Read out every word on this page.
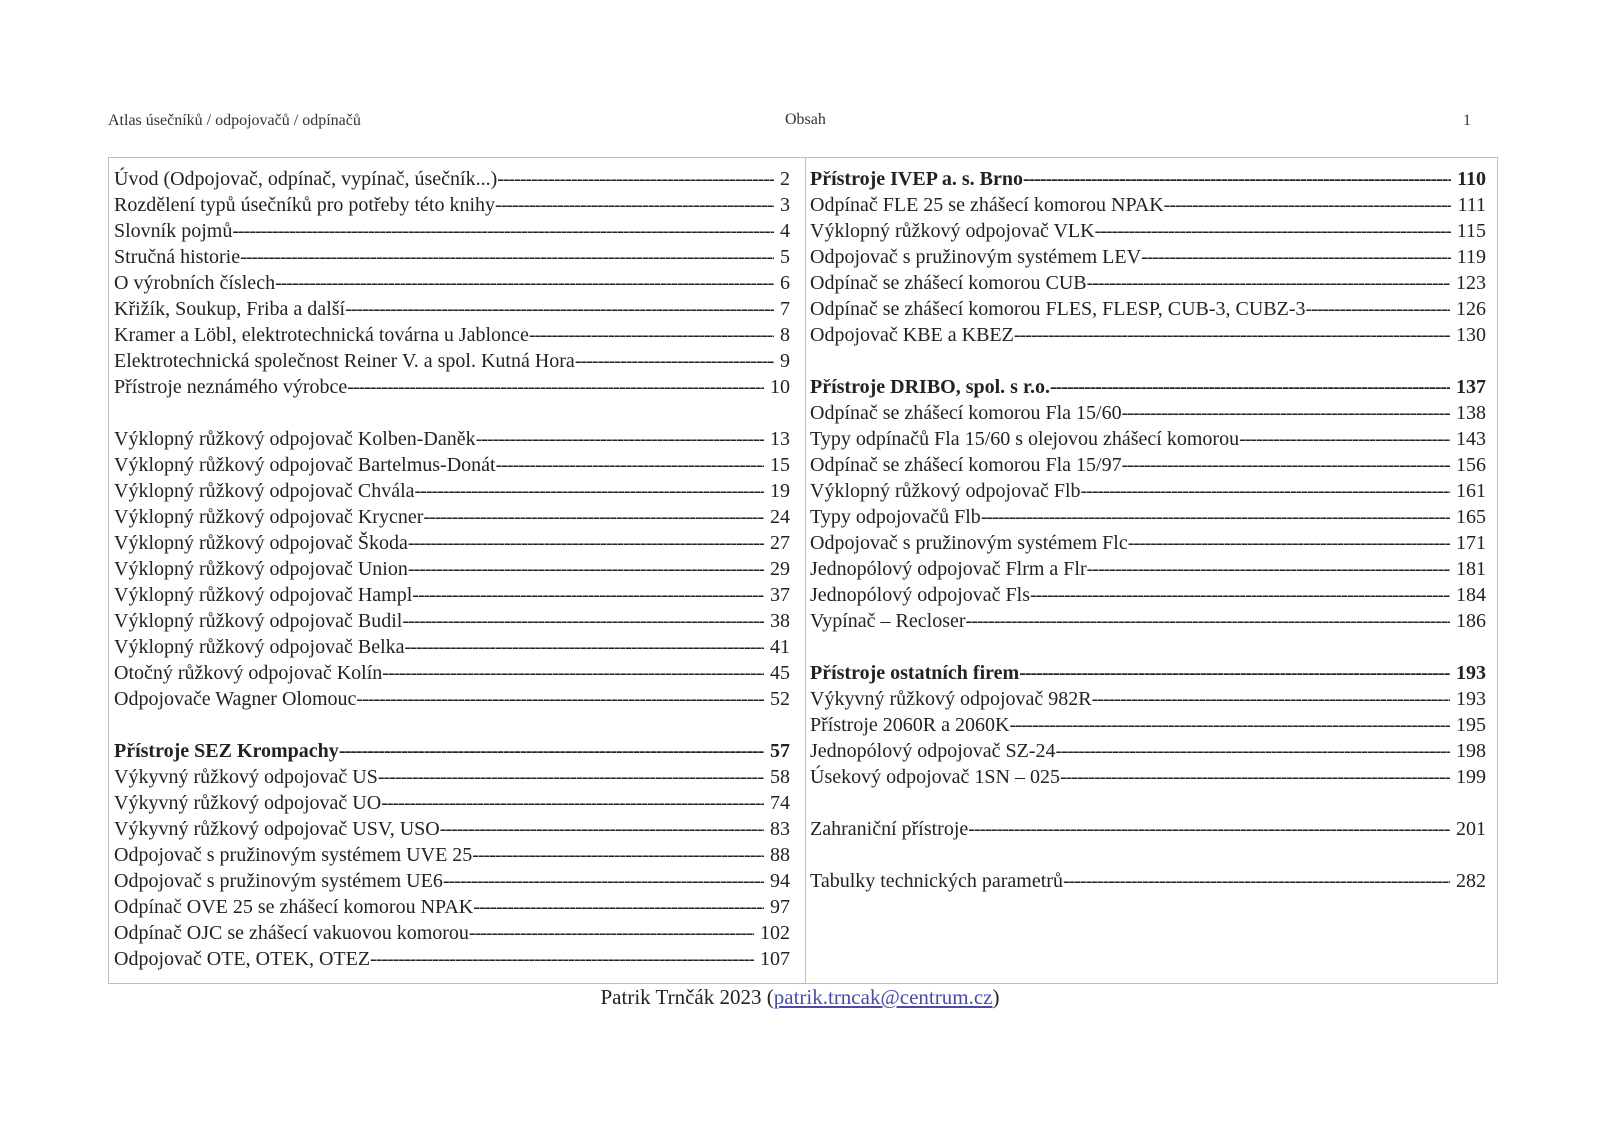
Atlas úsečníků / odpojovačů / odpínačů	Obsah	1
Úvod (Odpojovač, odpínač, vypínač, úsečník...) -----	2
Rozdělení typů úsečníků pro potřeby této knihy -----	3
Slovník pojmů -----	4
Stručná historie -----	5
O výrobních číslech -----	6
Křižík, Soukup, Friba a další -----	7
Kramer a Löbl, elektrotechnická továrna u Jablonce -----	8
Elektrotechnická společnost Reiner V. a spol. Kutná Hora -----	9
Přístroje neznámého výrobce -----	10
Výklopný růžkový odpojovač Kolben-Daněk -----	13
Výklopný růžkový odpojovač Bartelmus-Donát -----	15
Výklopný růžkový odpojovač Chvála -----	19
Výklopný růžkový odpojovač Krycner -----	24
Výklopný růžkový odpojovač Škoda -----	27
Výklopný růžkový odpojovač Union -----	29
Výklopný růžkový odpojovač Hampl -----	37
Výklopný růžkový odpojovač Budil -----	38
Výklopný růžkový odpojovač Belka -----	41
Otočný růžkový odpojovač Kolín -----	45
Odpojovače Wagner Olomouc -----	52
Přístroje SEZ Krompachy -----	57
Výkyvný růžkový odpojovač US -----	58
Výkyvný růžkový odpojovač UO -----	74
Výkyvný růžkový odpojovač USV, USO -----	83
Odpojovač s pružinovým systémem UVE 25 -----	88
Odpojovač s pružinovým systémem UE6 -----	94
Odpínač OVE 25 se zhášecí komorou NPAK -----	97
Odpínač OJC se zhášecí vakuovou komorou -----	102
Odpojovač OTE, OTEK, OTEZ -----	107
Přístroje IVEP a. s. Brno -----	110
Odpínač FLE 25 se zhášecí komorou NPAK -----	111
Výklopný růžkový odpojovač VLK -----	115
Odpojovač s pružinovým systémem LEV -----	119
Odpínač se zhášecí komorou CUB -----	123
Odpínač se zhášecí komorou FLES, FLESP, CUB-3, CUBZ-3 -----	126
Odpojovač KBE a KBEZ -----	130
Přístroje DRIBO, spol. s r.o. -----	137
Odpínač se zhášecí komorou Fla 15/60 -----	138
Typy odpínačů Fla 15/60 s olejovou zhášecí komorou -----	143
Odpínač se zhášecí komorou Fla 15/97 -----	156
Výklopný růžkový odpojovač Flb -----	161
Typy odpojovačů Flb -----	165
Odpojovač s pružinovým systémem Flc -----	171
Jednopólový odpojovač Flrm a Flr -----	181
Jednopólový odpojovač Fls -----	184
Vypínač – Recloser -----	186
Přístroje ostatních firem -----	193
Výkyvný růžkový odpojovač 982R -----	193
Přístroje 2060R a 2060K -----	195
Jednopólový odpojovač SZ-24 -----	198
Úsekový odpojovač 1SN – 025 -----	199
Zahraniční přístroje -----	201
Tabulky technických parametrů -----	282
Patrik Trnčák 2023 (patrik.trncak@centrum.cz)
